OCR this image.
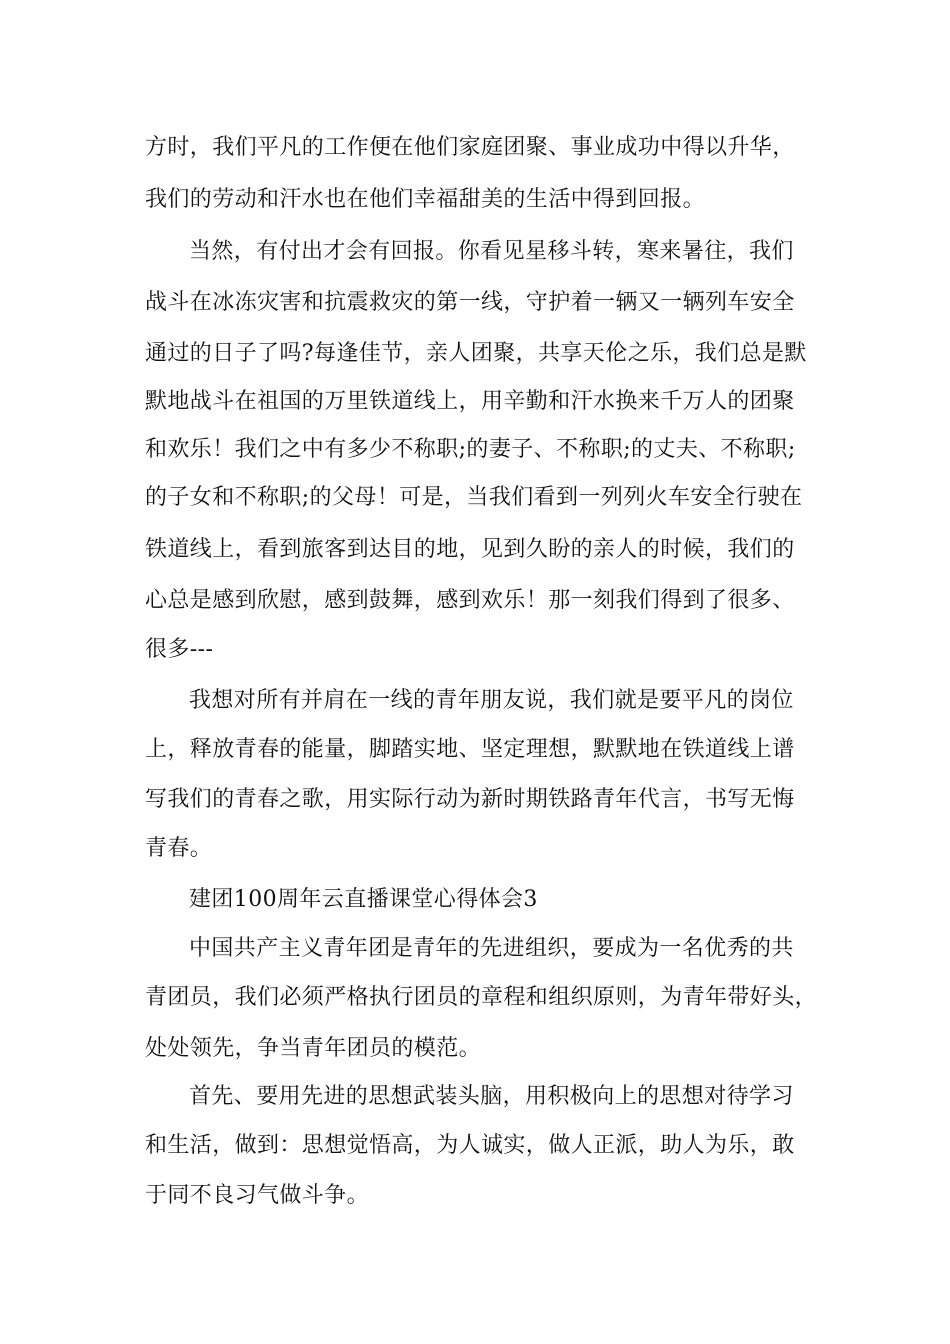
方时，我们平凡的工作便在他们家庭团聚、事业成功中得以升华，
我们的劳动和汗水也在他们幸福甜美的生活中得到回报。
当然，有付出才会有回报。你看见星移斗转，寒来暑往，我们
战斗在冰冻灾害和抗震救灾的第一线，守护着一辆又一辆列车安全
通过的日子了吗?每逢佳节，亲人团聚，共享天伦之乐，我们总是默
默地战斗在祖国的万里铁道线上，用辛勤和汗水换来千万人的团聚
和欢乐！我们之中有多少不称职;的妻子、不称职;的丈夫、不称职;
的子女和不称职;的父母！可是，当我们看到一列列火车安全行驶在
铁道线上，看到旅客到达目的地，见到久盼的亲人的时候，我们的
心总是感到欣慰，感到鼓舞，感到欢乐！那一刻我们得到了很多、
很多---
我想对所有并肩在一线的青年朋友说，我们就是要平凡的岗位
上，释放青春的能量，脚踏实地、坚定理想，默默地在铁道线上谱
写我们的青春之歌，用实际行动为新时期铁路青年代言，书写无悔
青春。
建团100周年云直播课堂心得体会3
中国共产主义青年团是青年的先进组织，要成为一名优秀的共
青团员，我们必须严格执行团员的章程和组织原则，为青年带好头，
处处领先，争当青年团员的模范。
首先、要用先进的思想武装头脑，用积极向上的思想对待学习
和生活，做到：思想觉悟高，为人诚实，做人正派，助人为乐，敢
于同不良习气做斗争。
